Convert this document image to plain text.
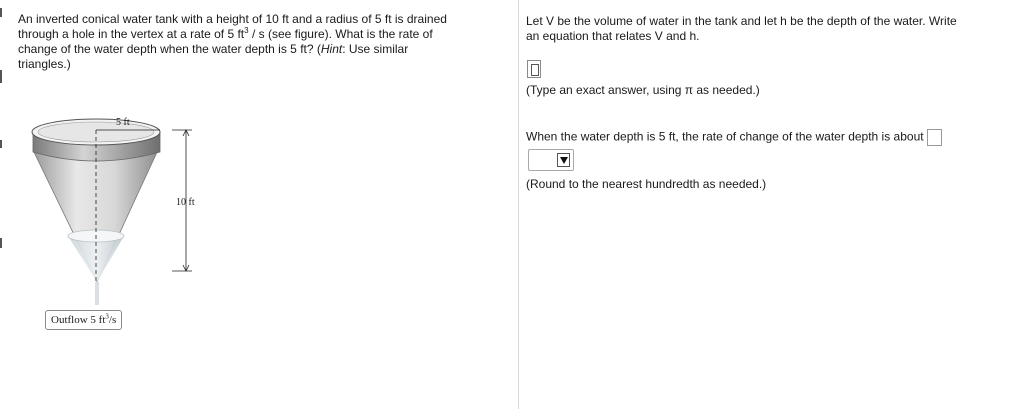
An inverted conical water tank with a height of 10 ft and a radius of 5 ft is drained
through a hole in the vertex at a rate of 5 $ft^3$ / s (see figure). What is the rate of
change of the water depth when the water depth is 5 ft? (Hint: Use similar
triangles.)

5 ft
10 ft
Outflow 5 $ft^3/s$

Let V be the volume of water in the tank and let h be the depth of the water. Write
an equation that relates V and h.

(Type an exact answer, using π as needed.)

When the water depth is 5 ft, the rate of change of the water depth is about

(Round to the nearest hundredth as needed.)
